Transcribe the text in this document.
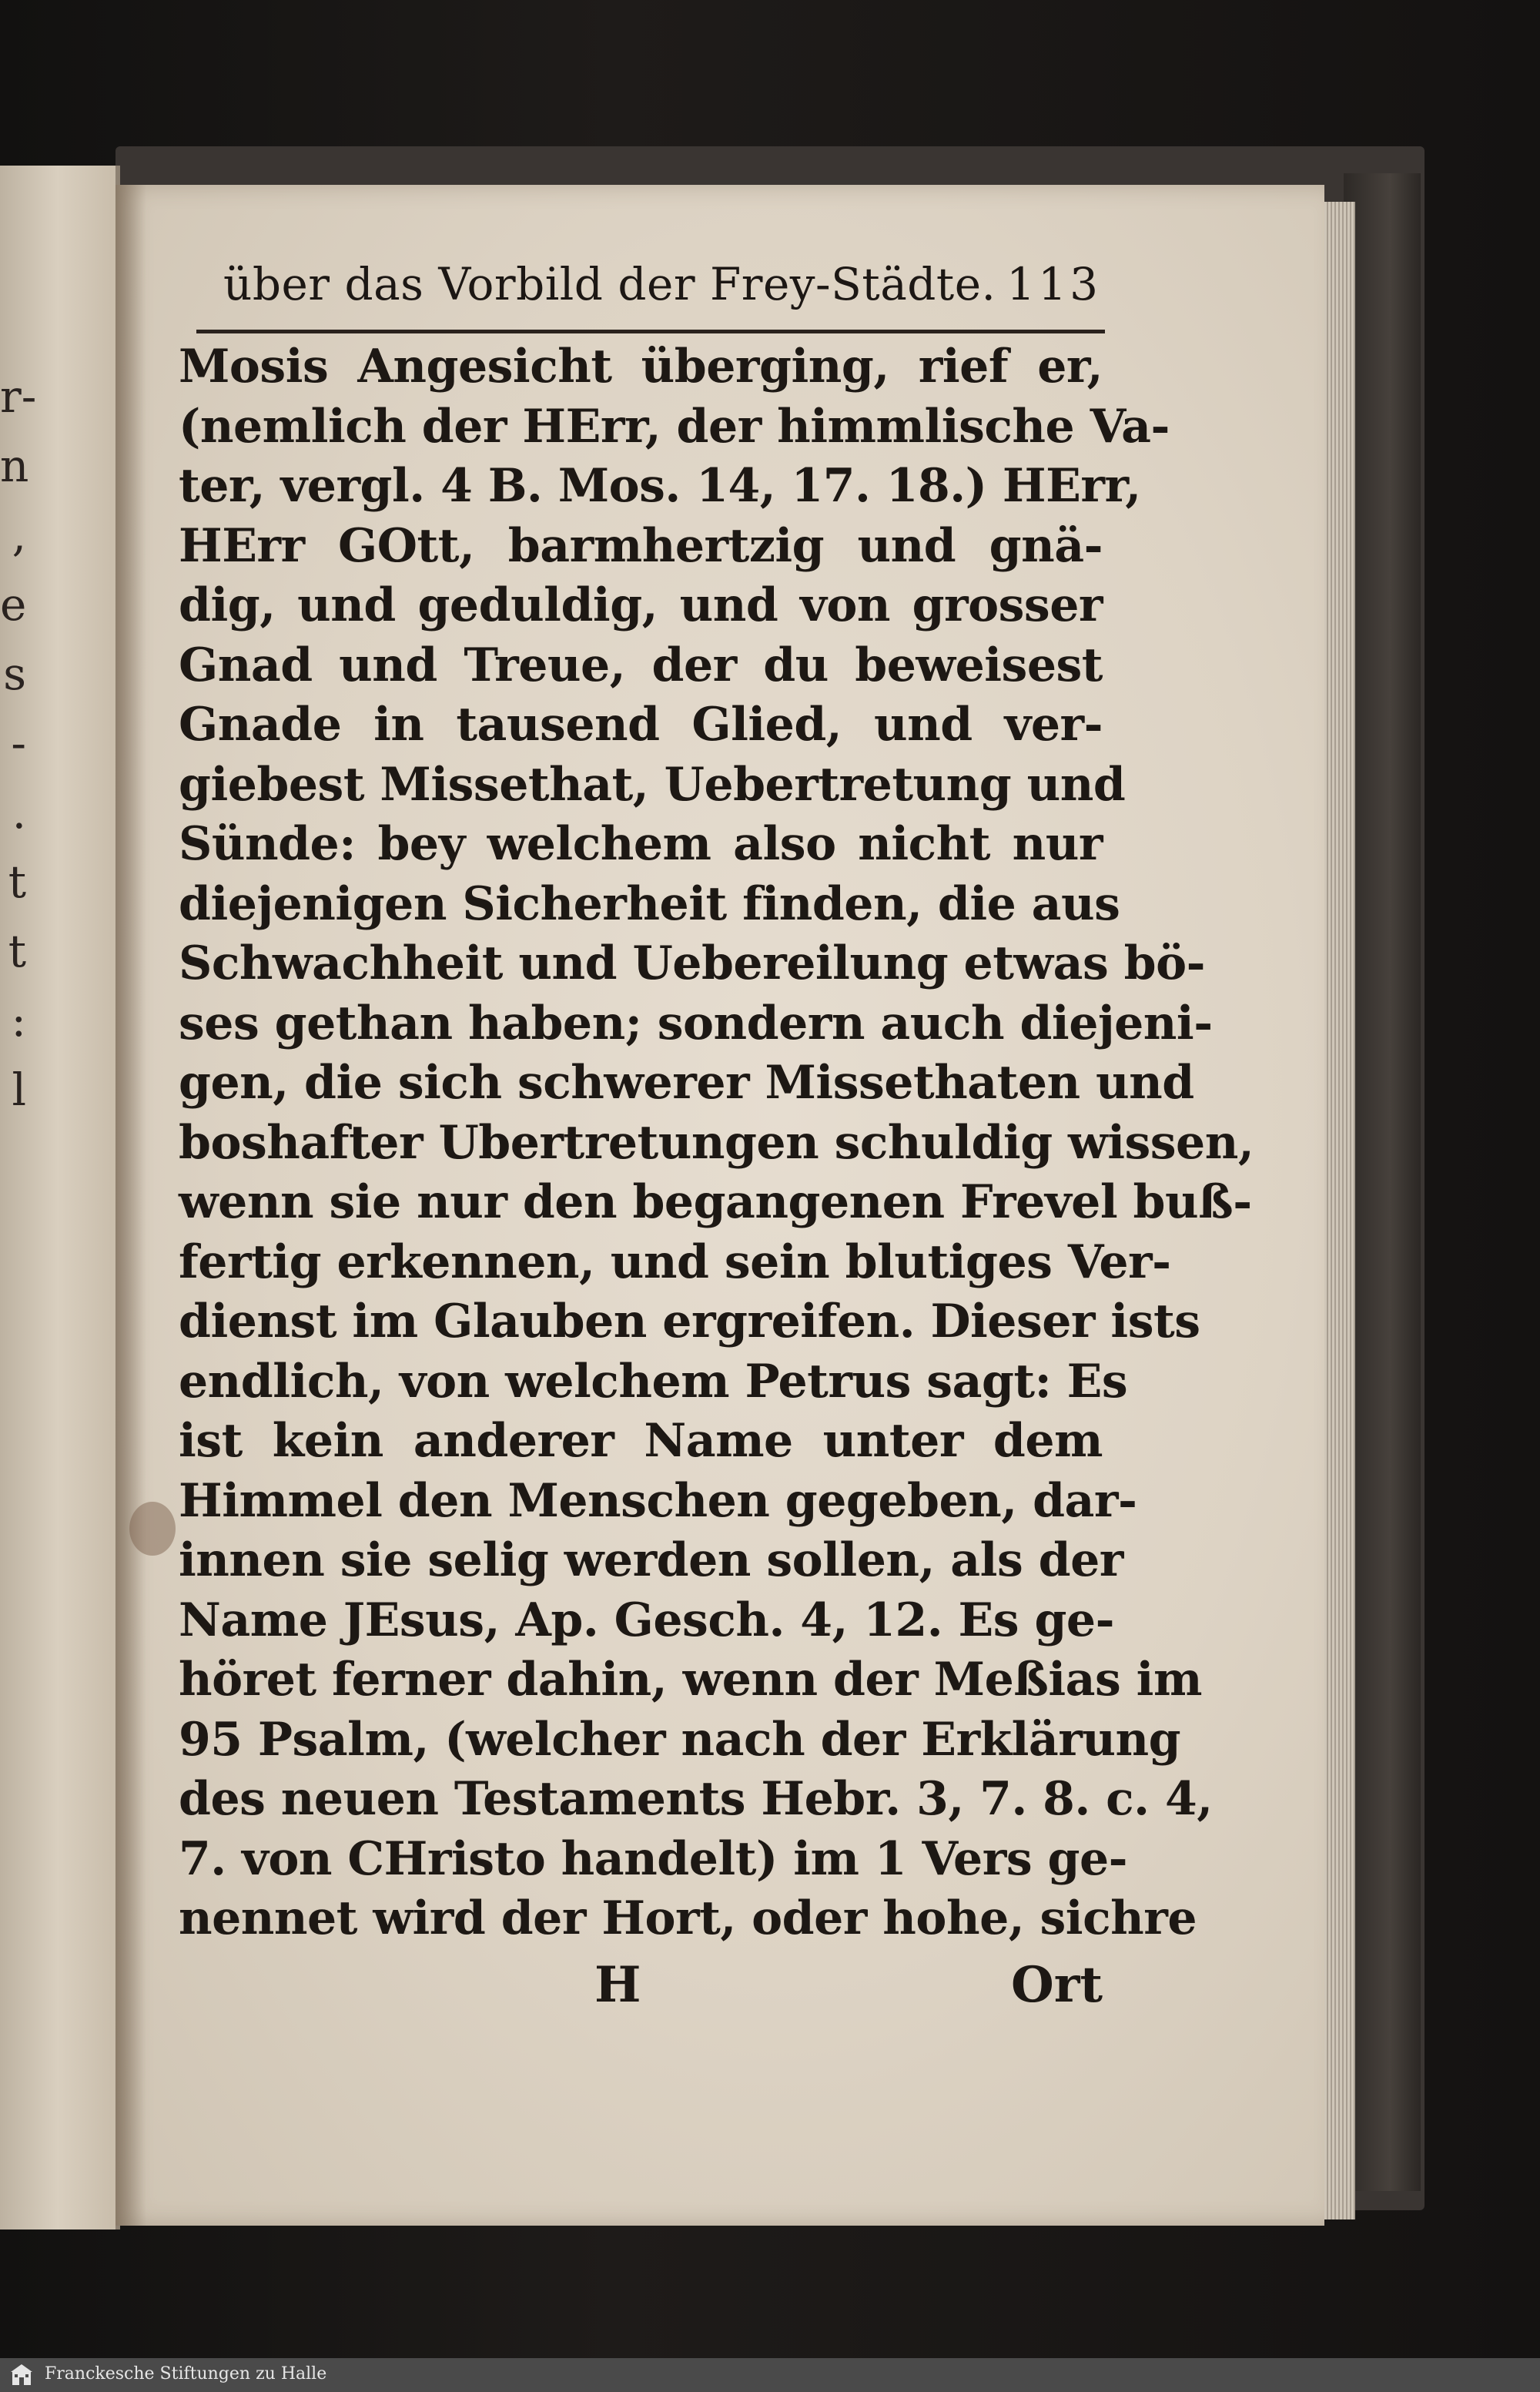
r-
n
,
e
s
-
.
t
t
:
l
über das Vorbild der Frey-Städte. 113
Mosis Angesicht überging, rief er,
(nemlich der HErr, der himmlische Va-
ter, vergl. 4 B. Mos. 14, 17. 18.) HErr,
HErr GOtt, barmhertzig und gnä-
dig, und geduldig, und von grosser
Gnad und Treue, der du beweisest
Gnade in tausend Glied, und ver-
giebest Missethat, Uebertretung und
Sünde: bey welchem also nicht nur
diejenigen Sicherheit finden, die aus
Schwachheit und Uebereilung etwas bö-
ses gethan haben; sondern auch diejeni-
gen, die sich schwerer Missethaten und
boshafter Ubertretungen schuldig wissen,
wenn sie nur den begangenen Frevel buß-
fertig erkennen, und sein blutiges Ver-
dienst im Glauben ergreifen. Dieser ists
endlich, von welchem Petrus sagt: Es
ist kein anderer Name unter dem
Himmel den Menschen gegeben, dar-
innen sie selig werden sollen, als der
Name JEsus, Ap. Gesch. 4, 12. Es ge-
höret ferner dahin, wenn der Meßias im
95 Psalm, (welcher nach der Erklärung
des neuen Testaments Hebr. 3, 7. 8. c. 4,
7. von CHristo handelt) im 1 Vers ge-
nennet wird der Hort, oder hohe, sichre
H	Ort
Franckesche Stiftungen zu Halle
